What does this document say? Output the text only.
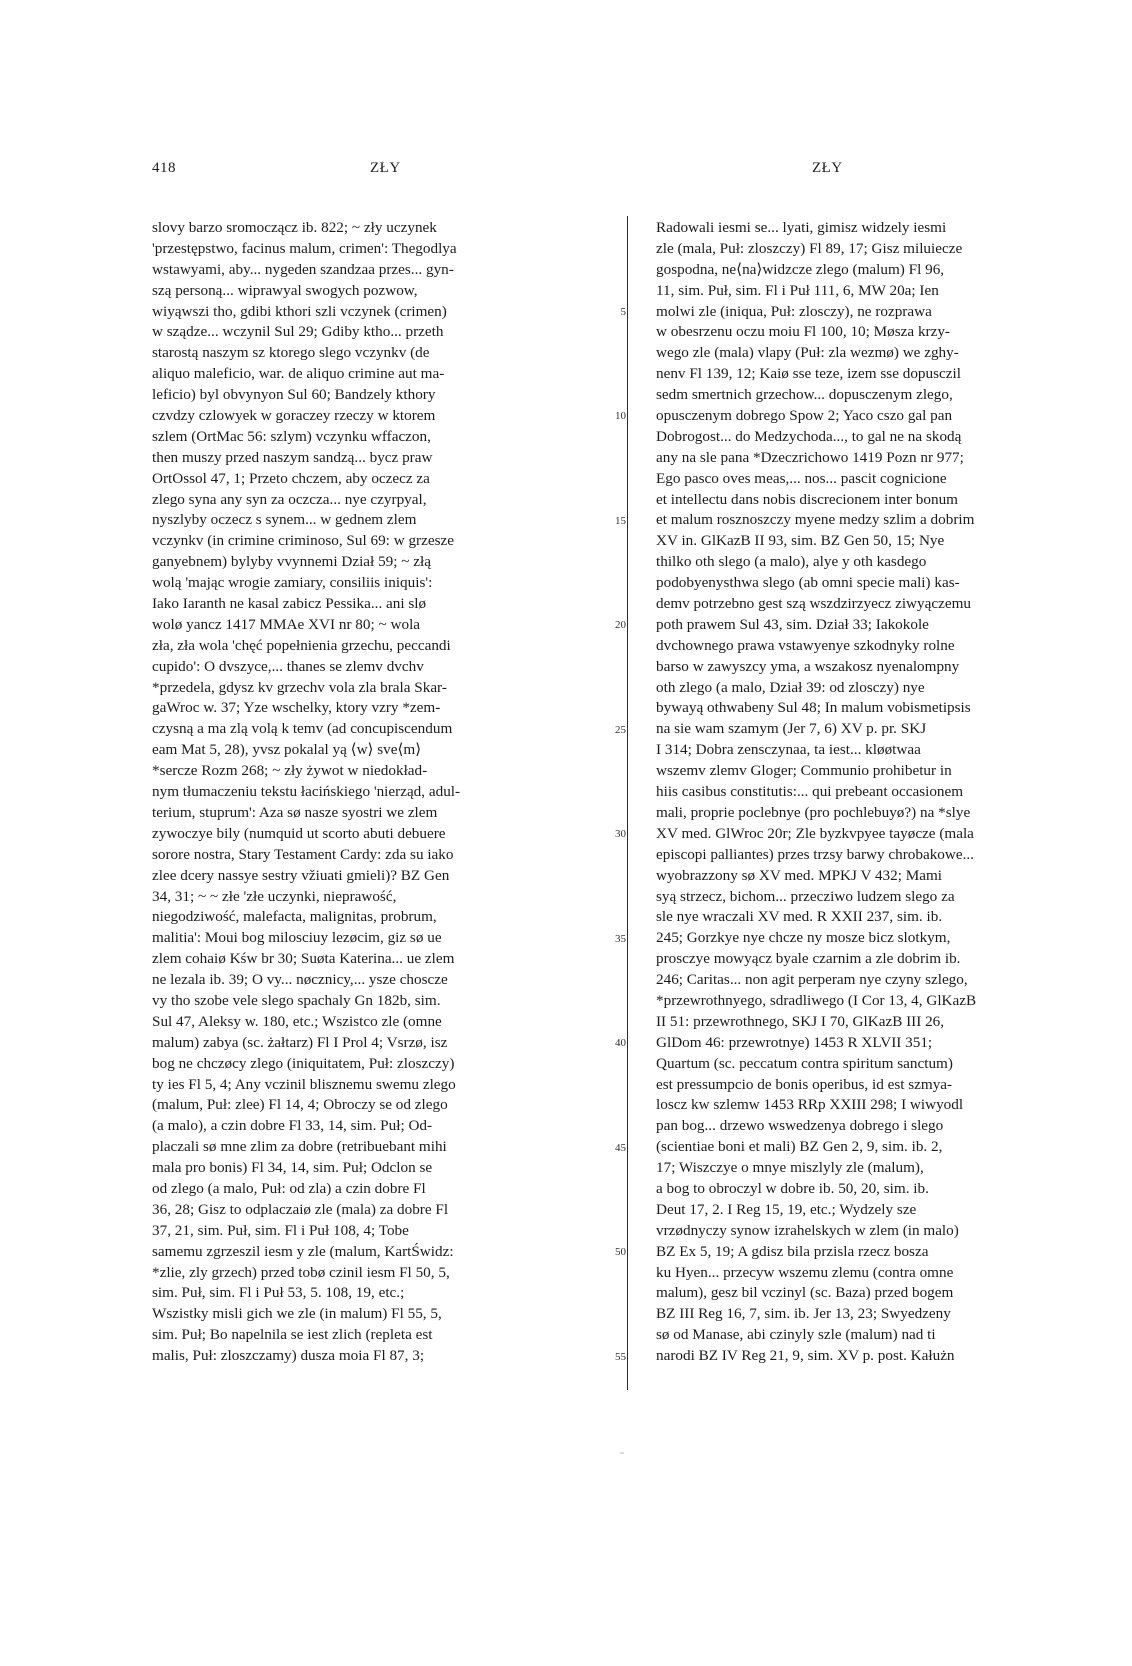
418	ZŁY	ZŁY
slovy barzo sromocząсz ib. 822; ~ zły uczynek
'przestępstwo, facinus malum, crimen': Thegodlya
wstawyami, aby... nygeden szandzaa przes... gyn-
szą personą... wiprawyal swogych pozwow,
wiyąwszi tho, gdibi kthori szli vczynek (crimen)
w sządze... wczynil Sul 29; Gdiby ktho... przeth
starostą naszym sz ktorego slego vczynkv (de
aliquo maleficio, war. de aliquo crimine aut ma-
leficio) byl obvynyon Sul 60; Bandzely kthory
czvdzy czlowyek w goraczey rzeczy w ktorem
szlem (OrtMac 56: szlym) vczynku wffaczon,
then muszy przed naszym sandzą... bycz praw
OrtOssol 47, 1; Przeto chczem, aby oczecz za
zlego syna any syn za oczcza... nye czyrpyal,
nyszlyby oczecz s synem... w gednem zlem
vczynkv (in crimine criminoso, Sul 69: w grzesze
ganyebnem) bylyby vvynnemi Dział 59; ~ złą
wolą 'mając wrogie zamiary, consiliis iniquis':
Iako Iaranth ne kasal zabicz Pessika... ani slø
wolø yancz 1417 MMAe XVI nr 80; ~ wola
zła, zła wola 'chęć popełnienia grzechu, peccandi
cupido': O dvszyce,... thanes se zlemv dvchv
*przedela, gdysz kv grzechv vola zla brala Skar-
gaWroc w. 37; Yze wschelky, ktory vzry *zem-
czysną a ma zlą volą k temv (ad concupiscendum
eam Mat 5, 28), yvsz pokalal yą ⟨w⟩ sve⟨m⟩
*sercze Rozm 268; ~ zły żywot w niedokład-
nym tłumaczeniu tekstu łacińskiego 'nierząd, adul-
terium, stuprum': Aza sø nasze syostri we zlem
zywoczye bily (numquid ut scorto abuti debuere
sorore nostra, Stary Testament Cardy: zda su iako
zlee dcery nassye sestry vžiuati gmieli)? BZ Gen
34, 31; ~ ~ złe 'złe uczynki, nieprawość,
niegodziwość, malefacta, malignitas, probrum,
malitia': Moui bog milosciuy lezøcim, giz sø ue
zlem cohaiø Kśw br 30; Suøta Katerina... ue zlem
ne lezala ib. 39; O vy... nøcznicy,... ysze choscze
vy tho szobe vele slego spachaly Gn 182b, sim.
Sul 47, Aleksy w. 180, etc.; Wszistco zle (omne
malum) zabya (sc. żałtarz) Fl I Prol 4; Vsrzø, isz
bog ne chczøcy zlego (iniquitatem, Puł: zloszczy)
ty ies Fl 5, 4; Any vczinil blisznemu swemu zlego
(malum, Puł: zlee) Fl 14, 4; Obroczy se od zlego
(a malo), a czin dobre Fl 33, 14, sim. Puł; Od-
placzali sø mne zlim za dobre (retribuebant mihi
mala pro bonis) Fl 34, 14, sim. Puł; Odclon se
od zlego (a malo, Puł: od zla) a czin dobre Fl
36, 28; Gisz to odplaczaiø zle (mala) za dobre Fl
37, 21, sim. Puł, sim. Fl i Puł 108, 4; Tobe
samemu zgrzeszil iesm y zle (malum, KartŚwidz:
*zlie, zly grzech) przed tobø czinil iesm Fl 50, 5,
sim. Puł, sim. Fl i Puł 53, 5. 108, 19, etc.;
Wszistky misli gich we zle (in malum) Fl 55, 5,
sim. Puł; Bo napelnila se iest zlich (repleta est
malis, Puł: zloszczamy) dusza moia Fl 87, 3;
5
10
15
20
25
30
35
40
45
50
55
Radowali iesmi se... lyati, gimisz widzely iesmi
zle (mala, Puł: zloszczy) Fl 89, 17; Gisz miluiecze
gospodna, ne⟨na⟩widzcze zlego (malum) Fl 96,
11, sim. Puł, sim. Fl i Puł 111, 6, MW 20a; Ien
molwi zle (iniqua, Puł: zlosczy), ne rozprawa
w obesrzenu oczu moiu Fl 100, 10; Møsza krzy-
wego zle (mala) vlapy (Puł: zla wezmø) we zghy-
nenv Fl 139, 12; Kaiø sse teze, izem sse dopusczil
sedm smertnich grzechow... dopusczenym zlego,
opusczenym dobrego Spow 2; Yaco cszo gal pan
Dobrogost... do Medzychoda..., to gal ne na skodą
any na sle pana *Dzeczrichowo 1419 Pozn nr 977;
Ego pasco oves meas,... nos... pascit cognicione
et intellectu dans nobis discrecionem inter bonum
et malum rosznoszczy myene medzy szlim a dobrim
XV in. GlKazB II 93, sim. BZ Gen 50, 15; Nye
thilko oth slego (a malo), alye y oth kasdego
podobyenysthwa slego (ab omni specie mali) kas-
demv potrzebno gest szą wszdzirzyecz ziwyączemu
poth prawem Sul 43, sim. Dział 33; Iakokole
dvchownego prawa vstawyenye szkodnyky rolne
barso w zawyszcy yma, a wszakosz nyenalompny
oth zlego (a malo, Dział 39: od zlosczy) nye
bywayą othwabeny Sul 48; In malum vobismetipsis
na sie wam szamym (Jer 7, 6) XV p. pr. SKJ
I 314; Dobra zensczynaa, ta iest... kløøtwaa
wszemv zlemv Gloger; Communio prohibetur in
hiis casibus constitutis:... qui prebeant occasionem
mali, proprie poclebnye (pro pochlebuyø?) na *slye
XV med. GlWroc 20r; Zle byzkvpyee tayøcze (mala
episcopi palliantes) przes trzsy barwy chrobakowe...
wyobrazzony sø XV med. MPKJ V 432; Mami
syą strzecz, bichom... przecziwo ludzem slego za
sle nye wraczali XV med. R XXII 237, sim. ib.
245; Gorzkye nye chcze ny mosze bicz slotkym,
prosczye mowyącz byale czarnim a zle dobrim ib.
246; Caritas... non agit perperam nye czyny szlego,
*przewrothnyego, sdradliwego (I Cor 13, 4, GlKazB
II 51: przewrothnego, SKJ I 70, GlKazB III 26,
GlDom 46: przewrotnye) 1453 R XLVII 351;
Quartum (sc. peccatum contra spiritum sanctum)
est pressumpcio de bonis operibus, id est szmya-
loscz kw szlemw 1453 RRp XXIII 298; I wiwyodl
pan bog... drzewo wswedzenya dobrego i slego
(scientiae boni et mali) BZ Gen 2, 9, sim. ib. 2,
17; Wiszczye o mnye miszlyly zle (malum),
a bog to obroczyl w dobre ib. 50, 20, sim. ib.
Deut 17, 2. I Reg 15, 19, etc.; Wydzely sze
vrzødnyczy synow izrahelskych w zlem (in malo)
BZ Ex 5, 19; A gdisz bila przisla rzecz bosza
ku Hyen... przecyw wszemu zlemu (contra omne
malum), gesz bil vczinyl (sc. Baza) przed bogem
BZ III Reg 16, 7, sim. ib. Jer 13, 23; Swyedzeny
sø od Manase, abi czinyly szle (malum) nad ti
narodi BZ IV Reg 21, 9, sim. XV p. post. Kałużn
